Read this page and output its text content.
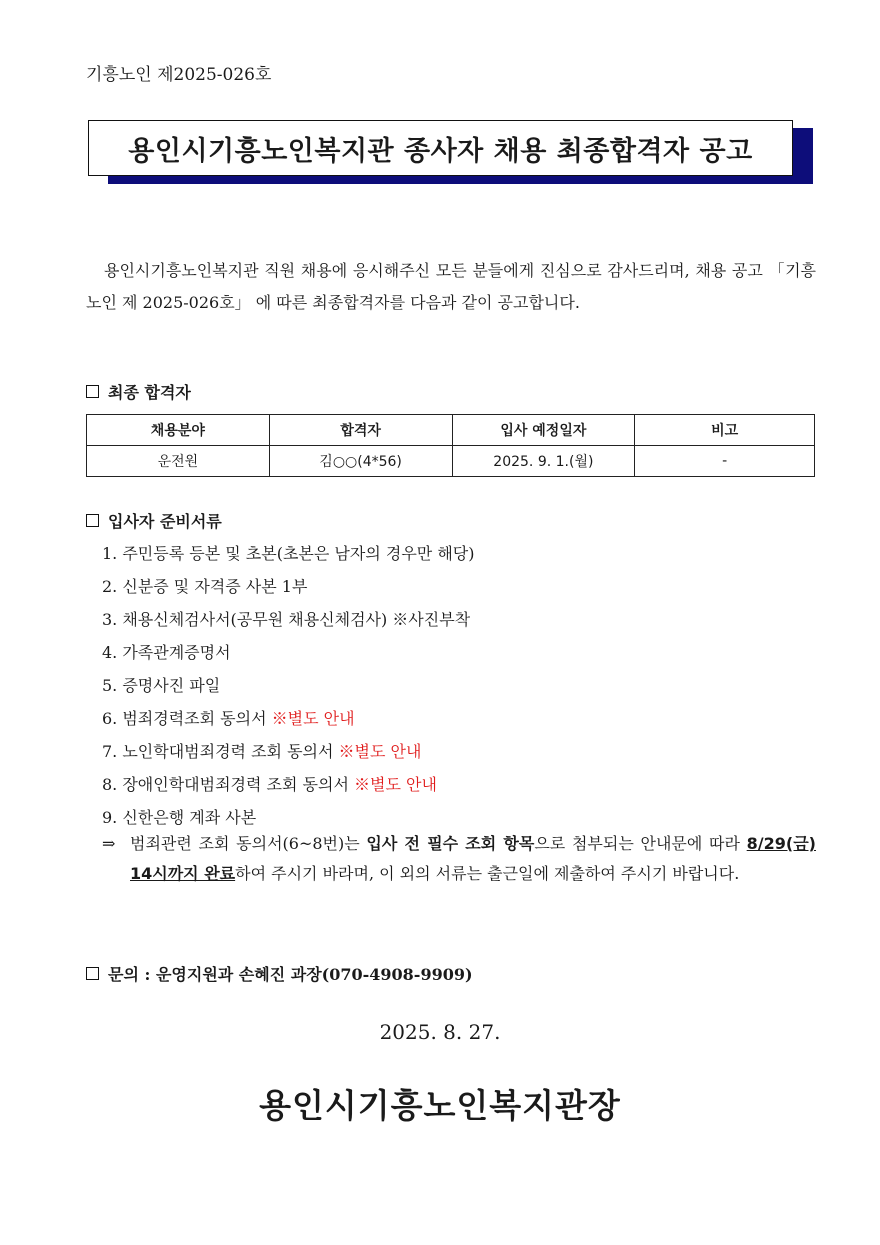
기흥노인 제2025-026호
용인시기흥노인복지관 종사자 채용 최종합격자 공고
용인시기흥노인복지관 직원 채용에 응시해주신 모든 분들에게 진심으로 감사드리며, 채용 공고 「기흥노인 제 2025-026호」 에 따른 최종합격자를 다음과 같이 공고합니다.
최종 합격자
채용분야	합격자	입사 예정일자	비고
운전원	김○○(4*56)	2025. 9. 1.(월)	-
입사자 준비서류
1. 주민등록 등본 및 초본(초본은 남자의 경우만 해당)
2. 신분증 및 자격증 사본 1부
3. 채용신체검사서(공무원 채용신체검사) ※사진부착
4. 가족관계증명서
5. 증명사진 파일
6. 범죄경력조회 동의서 ※별도 안내
7. 노인학대범죄경력 조회 동의서 ※별도 안내
8. 장애인학대범죄경력 조회 동의서 ※별도 안내
9. 신한은행 계좌 사본
⇒ 범죄관련 조회 동의서(6~8번)는 입사 전 필수 조회 항목으로 첨부되는 안내문에 따라 8/29(금) 14시까지 완료하여 주시기 바라며, 이 외의 서류는 출근일에 제출하여 주시기 바랍니다.
문의 : 운영지원과 손혜진 과장(070-4908-9909)
2025. 8. 27.
용인시기흥노인복지관장
